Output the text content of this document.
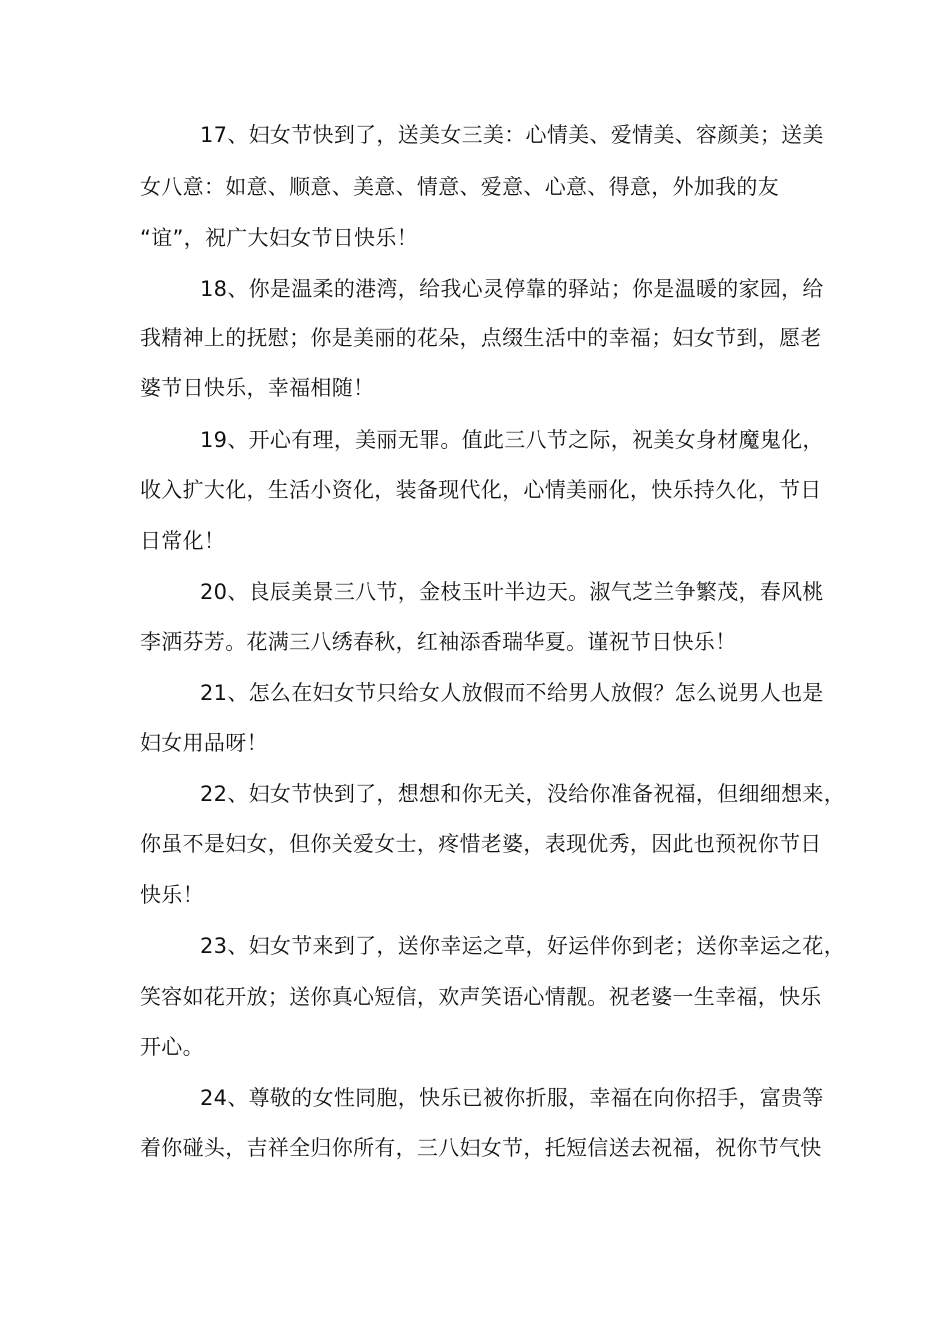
17、妇女节快到了，送美女三美：心情美、爱情美、容颜美；送美
女八意：如意、顺意、美意、情意、爱意、心意、得意，外加我的友
“谊”，祝广大妇女节日快乐！
18、你是温柔的港湾，给我心灵停靠的驿站；你是温暖的家园，给
我精神上的抚慰；你是美丽的花朵，点缀生活中的幸福；妇女节到，愿老
婆节日快乐，幸福相随！
19、开心有理，美丽无罪。值此三八节之际，祝美女身材魔鬼化，
收入扩大化，生活小资化，装备现代化，心情美丽化，快乐持久化，节日
日常化！
20、良辰美景三八节，金枝玉叶半边天。淑气芝兰争繁茂，春风桃
李洒芬芳。花满三八绣春秋，红袖添香瑞华夏。谨祝节日快乐！
21、怎么在妇女节只给女人放假而不给男人放假？怎么说男人也是
妇女用品呀！
22、妇女节快到了，想想和你无关，没给你准备祝福，但细细想来，
你虽不是妇女，但你关爱女士，疼惜老婆，表现优秀，因此也预祝你节日
快乐！
23、妇女节来到了，送你幸运之草，好运伴你到老；送你幸运之花，
笑容如花开放；送你真心短信，欢声笑语心情靓。祝老婆一生幸福，快乐
开心。
24、尊敬的女性同胞，快乐已被你折服，幸福在向你招手，富贵等
着你碰头，吉祥全归你所有，三八妇女节，托短信送去祝福，祝你节气快
